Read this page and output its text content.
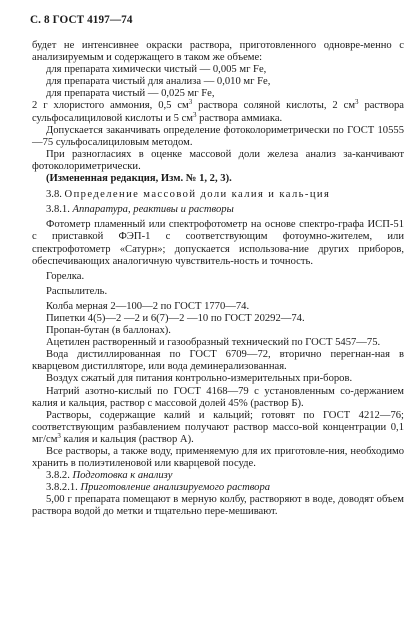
С. 8 ГОСТ 4197—74

будет не интенсивнее окраски раствора, приготовленного одновре-менно с анализируемым и содержащего в таком же объеме:

для препарата химически чистый — 0,005 мг Fe,

для препарата чистый для анализа — 0,010 мг Fe,

для препарата чистый — 0,025 мг Fe,

2 г хлористого аммония, 0,5 $см^3$ раствора соляной кислоты, 2 $см^3$ раствора сульфосалициловой кислоты и 5 $см^3$ раствора аммиака.

Допускается заканчивать определение фотоколориметрически по ГОСТ 10555—75 сульфосалициловым методом.

При разногласиях в оценке массовой доли железа анализ за-канчивают фотоколориметрически.

(Измененная редакция, Изм. № 1, 2, 3).

3.8. Определение массовой доли калия и каль-ция

3.8.1. Аппаратура, реактивы и растворы

Фотометр пламенный или спектрофотометр на основе спектро-графа ИСП-51 с приставкой ФЭП-1 с соответствующим фотоумно-жителем, или спектрофотометр «Сатурн»; допускается использова-ние других приборов, обеспечивающих аналогичную чувствитель-ность и точность.

Горелка.

Распылитель.

Колба мерная 2—100—2 по ГОСТ 1770—74.

Пипетки 4(5)—2 —2 и 6(7)—2 —10 по ГОСТ 20292—74.

Пропан-бутан (в баллонах).

Ацетилен растворенный и газообразный технический по ГОСТ 5457—75.

Вода дистиллированная по ГОСТ 6709—72, вторично перегнан-ная в кварцевом дистилляторе, или вода деминерализованная.

Воздух сжатый для питания контрольно-измерительных при-боров.

Натрий азотно-кислый по ГОСТ 4168—79 с установленным со-держанием калия и кальция, раствор с массовой долей 45% (раствор Б).

Растворы, содержащие калий и кальций; готовят по ГОСТ 4212—76; соответствующим разбавлением получают раствор массо-вой концентрации 0,1 $мг/см^3$ калия и кальция (раствор А).

Все растворы, а также воду, применяемую для их приготовле-ния, необходимо хранить в полиэтиленовой или кварцевой посуде.

3.8.2. Подготовка к анализу

3.8.2.1. Приготовление анализируемого раствора

5,00 г препарата помещают в мерную колбу, растворяют в воде, доводят объем раствора водой до метки и тщательно пере-мешивают.
